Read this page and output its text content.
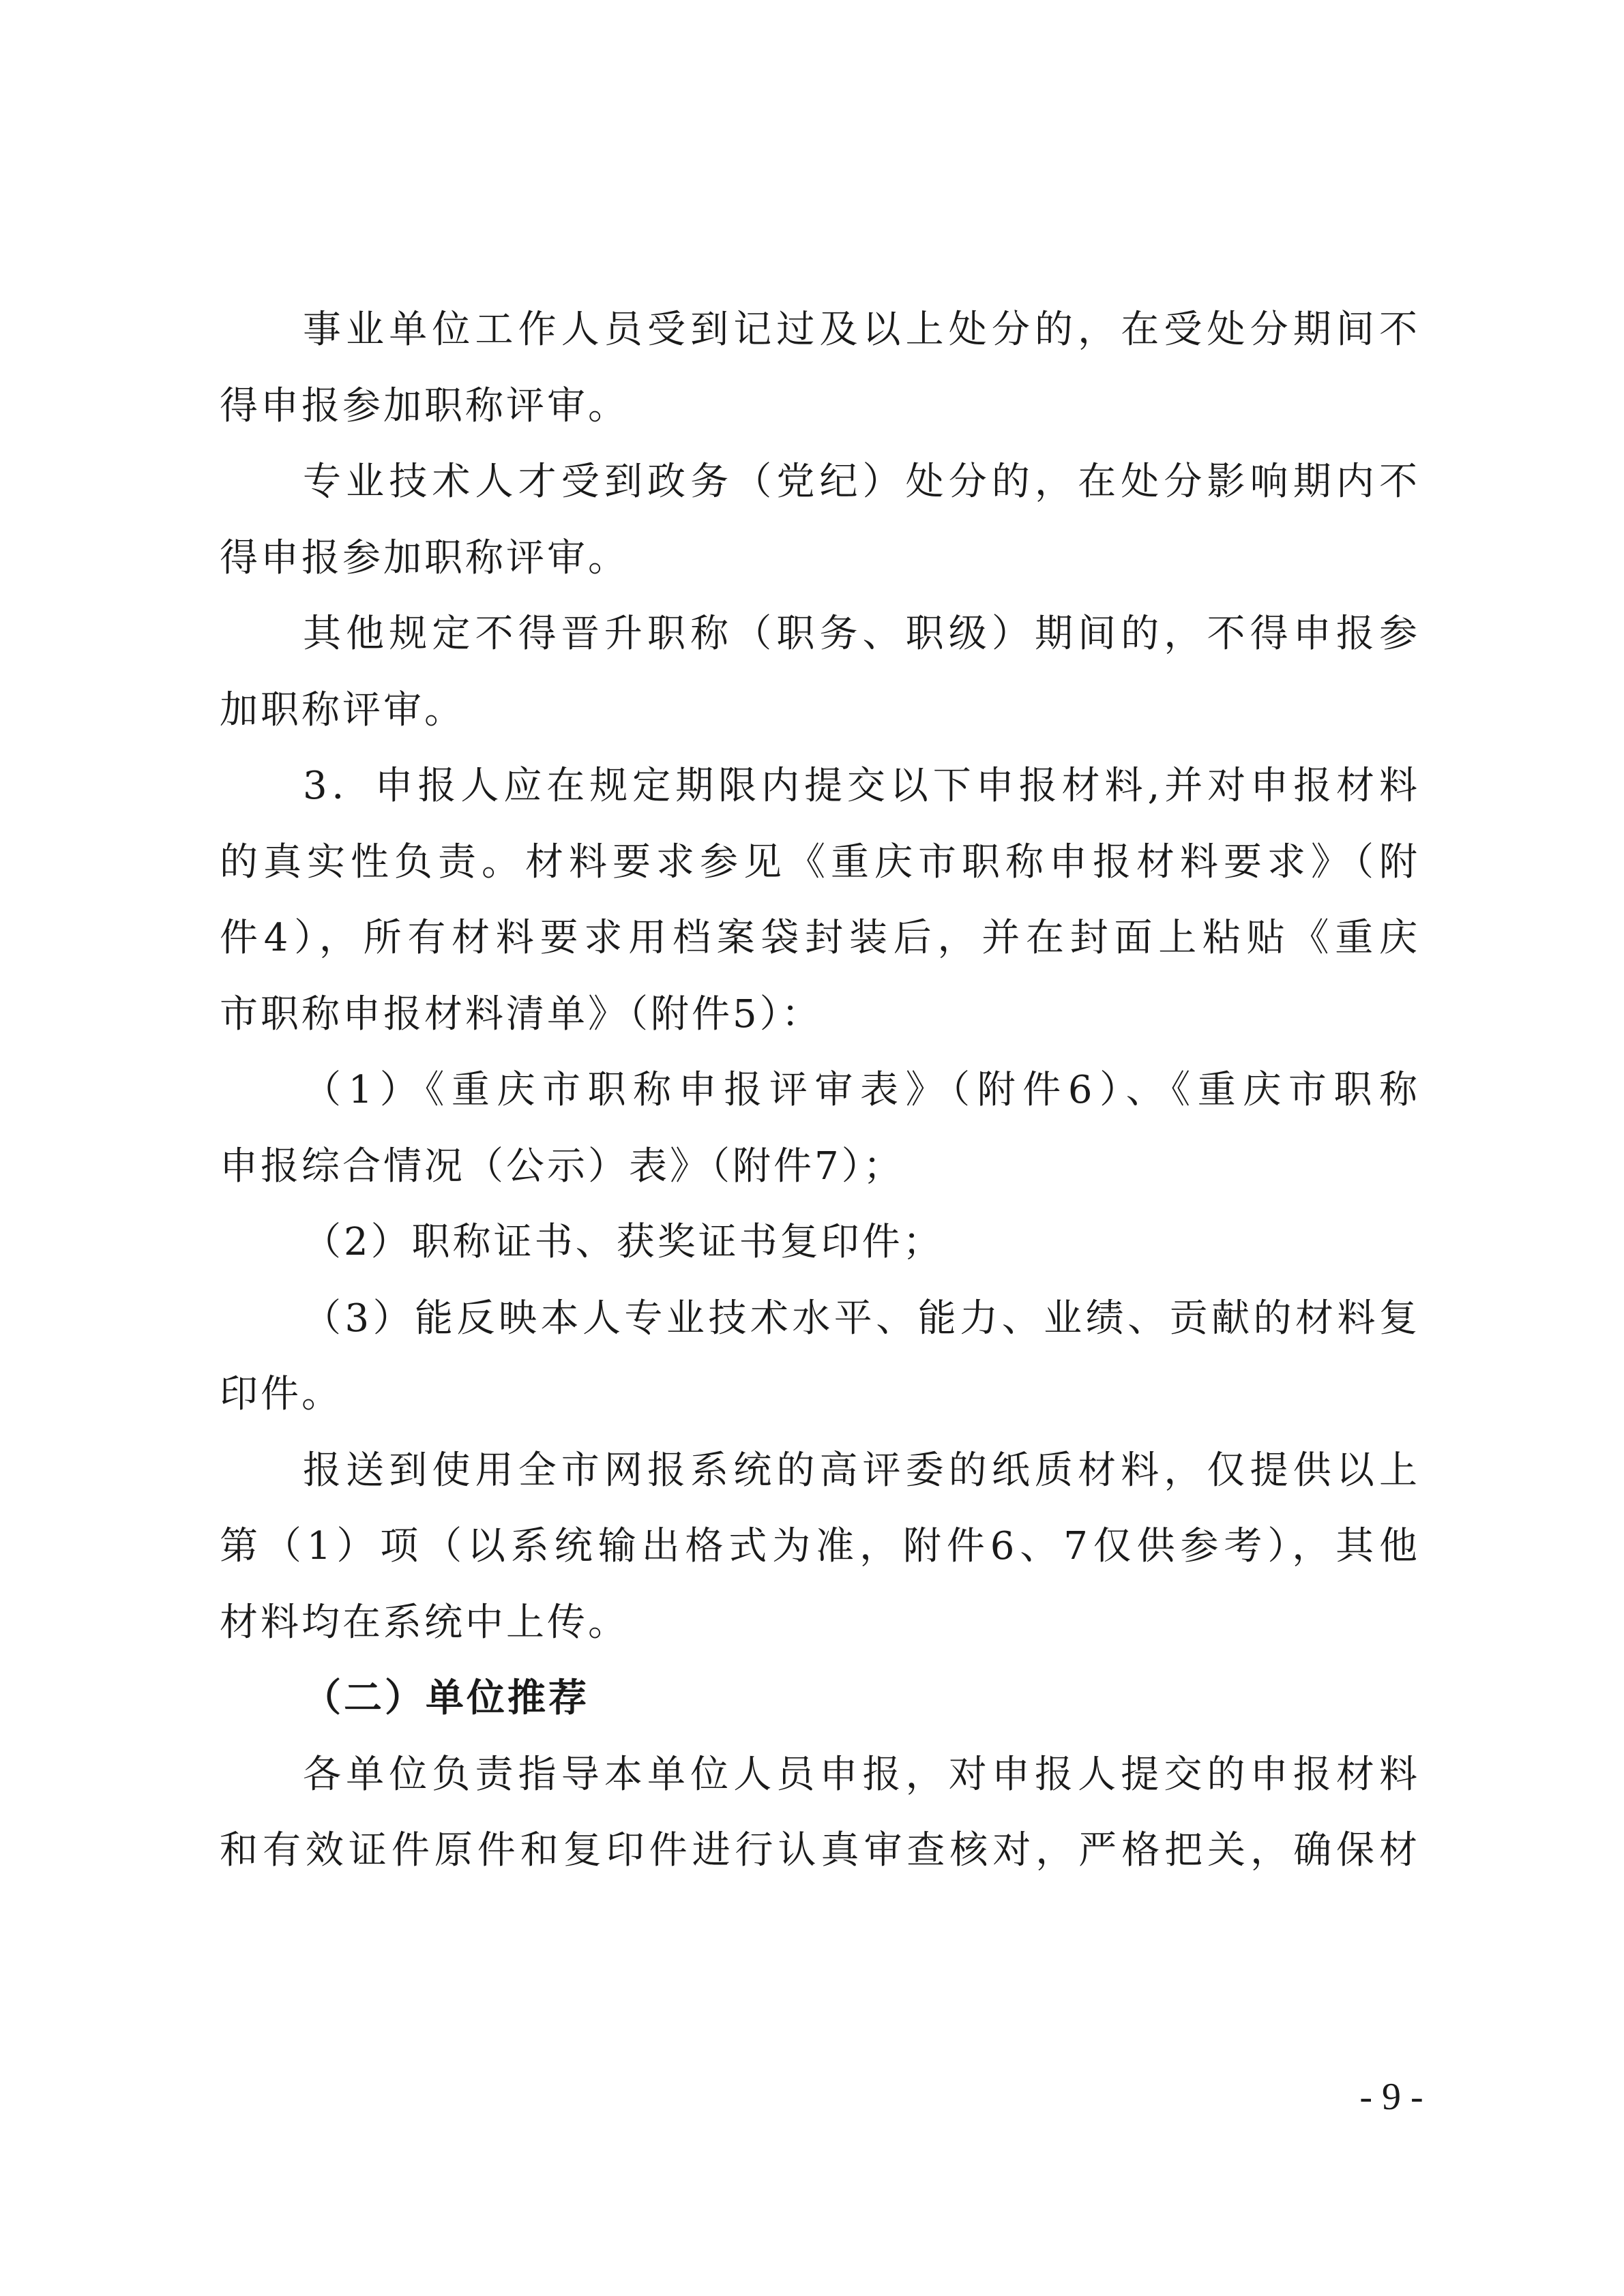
事业单位工作人员受到记过及以上处分的，在受处分期间不
得申报参加职称评审。
专业技术人才受到政务（党纪）处分的，在处分影响期内不
得申报参加职称评审。
其他规定不得晋升职称（职务、职级）期间的，不得申报参
加职称评审。
3．申报人应在规定期限内提交以下申报材料,并对申报材料
的真实性负责。材料要求参见《重庆市职称申报材料要求》（附
件4），所有材料要求用档案袋封装后，并在封面上粘贴《重庆
市职称申报材料清单》（附件5）：
（1）《重庆市职称申报评审表》（附件6）、《重庆市职称
申报综合情况（公示）表》（附件7）；
（2）职称证书、获奖证书复印件；
（3）能反映本人专业技术水平、能力、业绩、贡献的材料复
印件。
报送到使用全市网报系统的高评委的纸质材料，仅提供以上
第（1）项（以系统输出格式为准，附件6、7仅供参考），其他
材料均在系统中上传。
（二）单位推荐
各单位负责指导本单位人员申报，对申报人提交的申报材料
和有效证件原件和复印件进行认真审查核对，严格把关，确保材
- 9 -
